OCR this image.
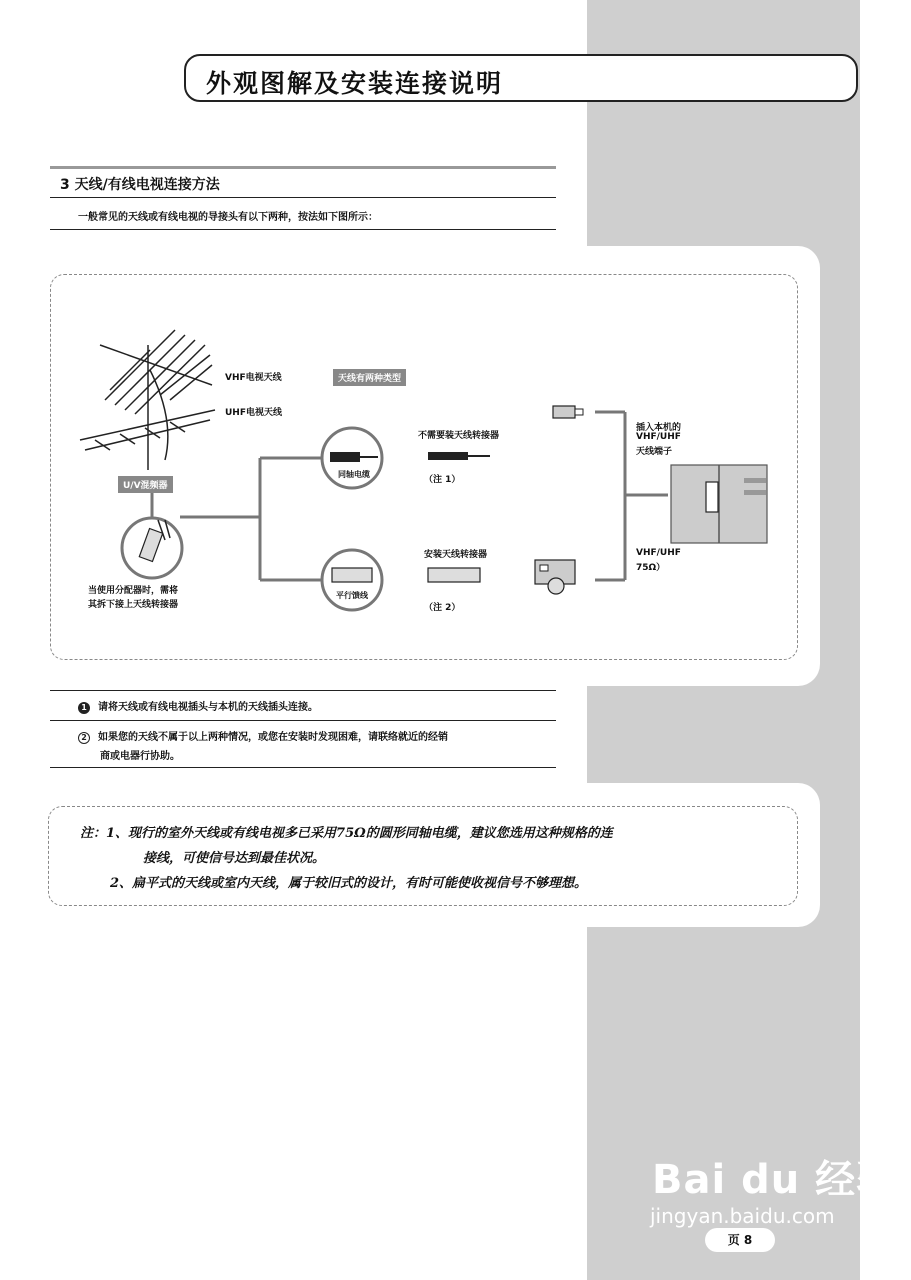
外观图解及安装连接说明
3 天线/有线电视连接方法
一般常见的天线或有线电视的导接头有以下两种，按法如下图所示：
VHF电视天线
UHF电视天线
U/V混频器
当使用分配器时，需将
其拆下接上天线转接器
天线有两种类型
同轴电缆
不需要装天线转接器
（注 1）
平行馈线
安装天线转接器
（注 2）
插入本机的
VHF/UHF
天线端子
VHF/UHF
75Ω）
1 请将天线或有线电视插头与本机的天线插头连接。
2 如果您的天线不属于以上两种情况，或您在安装时发现困难，请联络就近的经销
商或电器行协助。
注：1、现行的室外天线或有线电视多已采用75Ω的圆形同轴电缆，建议您选用这种规格的连
接线，可使信号达到最佳状况。
2、扁平式的天线或室内天线，属于较旧式的设计，有时可能使收视信号不够理想。
Bai du 经验
jingyan.baidu.com
页 8
